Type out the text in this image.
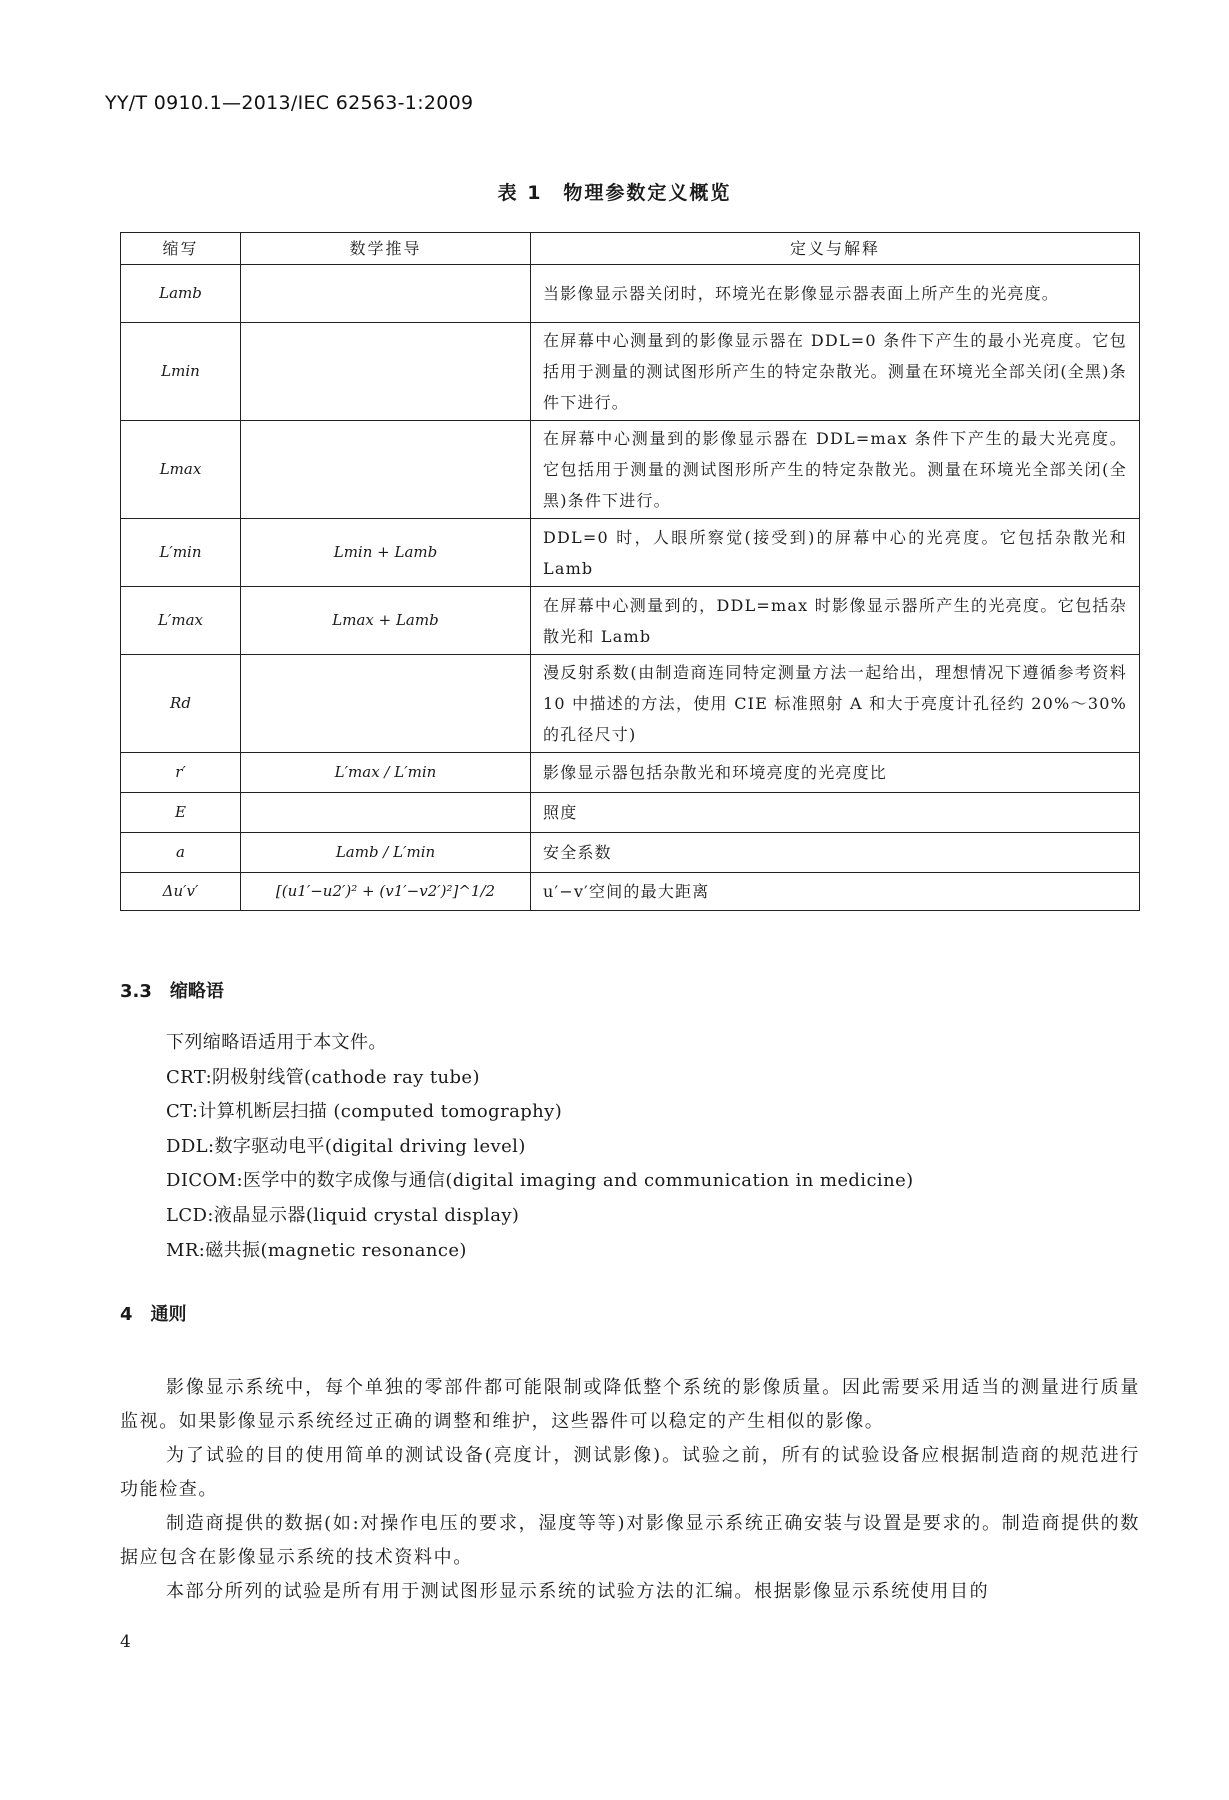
YY/T 0910.1—2013/IEC 62563-1:2009
表 1　物理参数定义概览
缩写	数学推导	定义与解释
Lamb		当影像显示器关闭时，环境光在影像显示器表面上所产生的光亮度。
Lmin		在屏幕中心测量到的影像显示器在 DDL=0 条件下产生的最小光亮度。它包括用于测量的测试图形所产生的特定杂散光。测量在环境光全部关闭(全黑)条件下进行。
Lmax		在屏幕中心测量到的影像显示器在 DDL=max 条件下产生的最大光亮度。它包括用于测量的测试图形所产生的特定杂散光。测量在环境光全部关闭(全黑)条件下进行。
L′min	Lmin + Lamb	DDL=0 时，人眼所察觉(接受到)的屏幕中心的光亮度。它包括杂散光和 Lamb
L′max	Lmax + Lamb	在屏幕中心测量到的，DDL=max 时影像显示器所产生的光亮度。它包括杂散光和 Lamb
Rd		漫反射系数(由制造商连同特定测量方法一起给出，理想情况下遵循参考资料 10 中描述的方法，使用 CIE 标准照射 A 和大于亮度计孔径约 20%～30%的孔径尺寸)
r′	L′max / L′min	影像显示器包括杂散光和环境亮度的光亮度比
E		照度
a	Lamb / L′min	安全系数
Δu′v′	[(u1′−u2′)² + (v1′−v2′)²]^1/2	u′−v′空间的最大距离
3.3　缩略语
下列缩略语适用于本文件。
CRT:阴极射线管(cathode ray tube)
CT:计算机断层扫描 (computed tomography)
DDL:数字驱动电平(digital driving level)
DICOM:医学中的数字成像与通信(digital imaging and communication in medicine)
LCD:液晶显示器(liquid crystal display)
MR:磁共振(magnetic resonance)
4　通则

影像显示系统中，每个单独的零部件都可能限制或降低整个系统的影像质量。因此需要采用适当的测量进行质量监视。如果影像显示系统经过正确的调整和维护，这些器件可以稳定的产生相似的影像。

为了试验的目的使用简单的测试设备(亮度计，测试影像)。试验之前，所有的试验设备应根据制造商的规范进行功能检查。

制造商提供的数据(如:对操作电压的要求，湿度等等)对影像显示系统正确安装与设置是要求的。制造商提供的数据应包含在影像显示系统的技术资料中。

本部分所列的试验是所有用于测试图形显示系统的试验方法的汇编。根据影像显示系统使用目的

4
